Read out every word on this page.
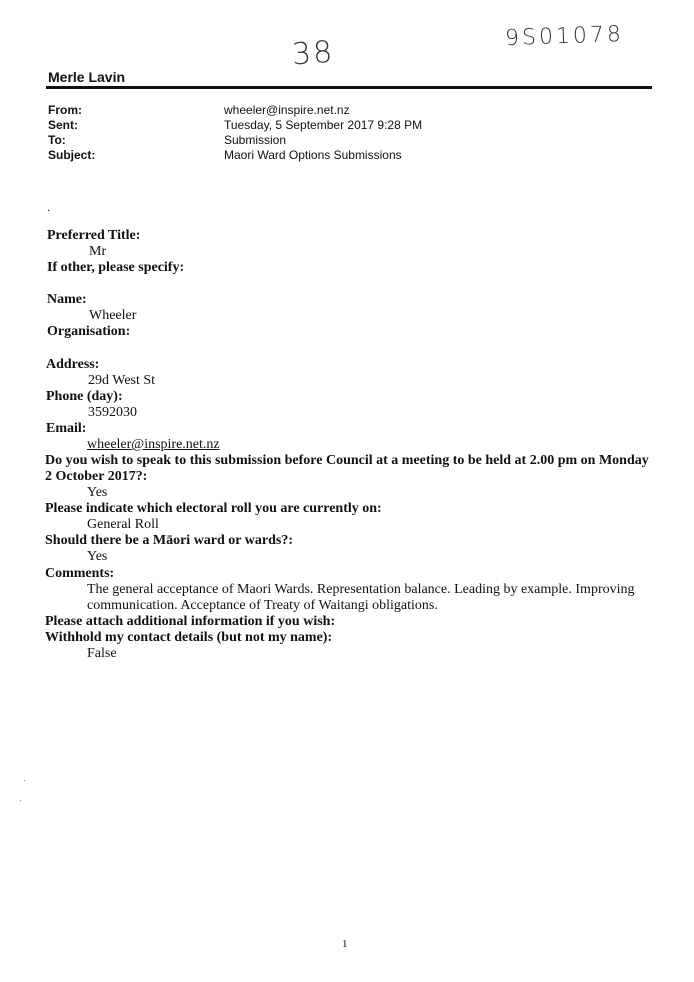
38	9S01078
Merle Lavin
From:	wheeler@inspire.net.nz
Sent:	Tuesday, 5 September 2017 9:28 PM
To:	Submission
Subject:	Maori Ward Options Submissions
.
Preferred Title:
Mr
If other, please specify:
Name:
Wheeler
Organisation:
Address:
29d West St
Phone (day):
3592030
Email:
wheeler@inspire.net.nz
Do you wish to speak to this submission before Council at a meeting to be held at 2.00 pm on Monday
2 October 2017?:
Yes
Please indicate which electoral roll you are currently on:
General Roll
Should there be a Māori ward or wards?:
Yes
Comments:
The general acceptance of Maori Wards. Representation balance. Leading by example. Improving communication. Acceptance of Treaty of Waitangi obligations.
Please attach additional information if you wish:
Withhold my contact details (but not my name):
False
1
